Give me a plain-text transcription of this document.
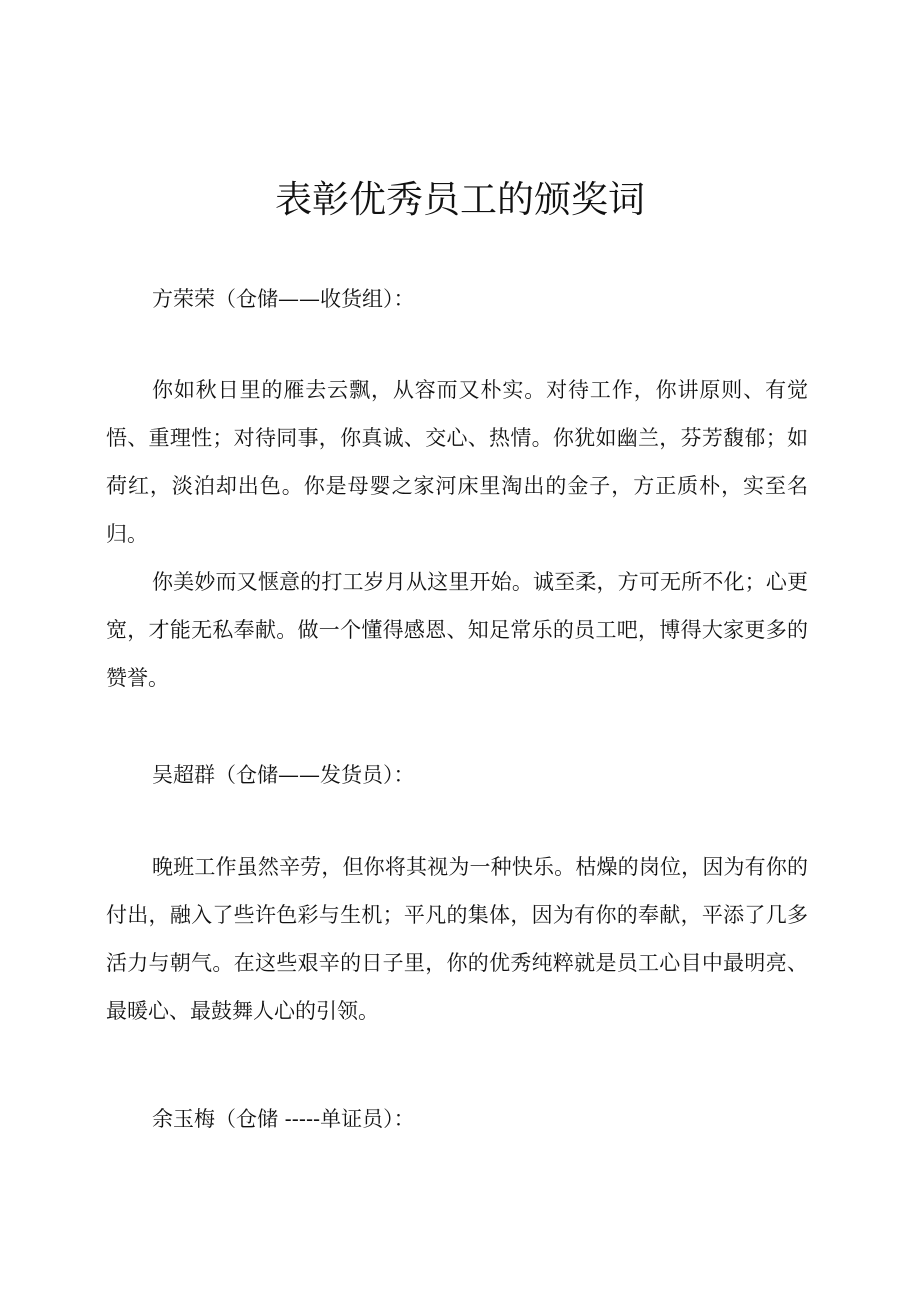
表彰优秀员工的颁奖词

方荣荣（仓储——收货组）：

你如秋日里的雁去云飘，从容而又朴实。对待工作，你讲原则、有觉悟、重理性；对待同事，你真诚、交心、热情。你犹如幽兰，芬芳馥郁；如荷红，淡泊却出色。你是母婴之家河床里淘出的金子，方正质朴，实至名归。

你美妙而又惬意的打工岁月从这里开始。诚至柔，方可无所不化；心更宽，才能无私奉献。做一个懂得感恩、知足常乐的员工吧，博得大家更多的赞誉。

吴超群（仓储——发货员）：

晚班工作虽然辛劳，但你将其视为一种快乐。枯燥的岗位，因为有你的付出，融入了些许色彩与生机；平凡的集体，因为有你的奉献，平添了几多活力与朝气。在这些艰辛的日子里，你的优秀纯粹就是员工心目中最明亮、最暖心、最鼓舞人心的引领。

余玉梅（仓储 -----单证员）：
